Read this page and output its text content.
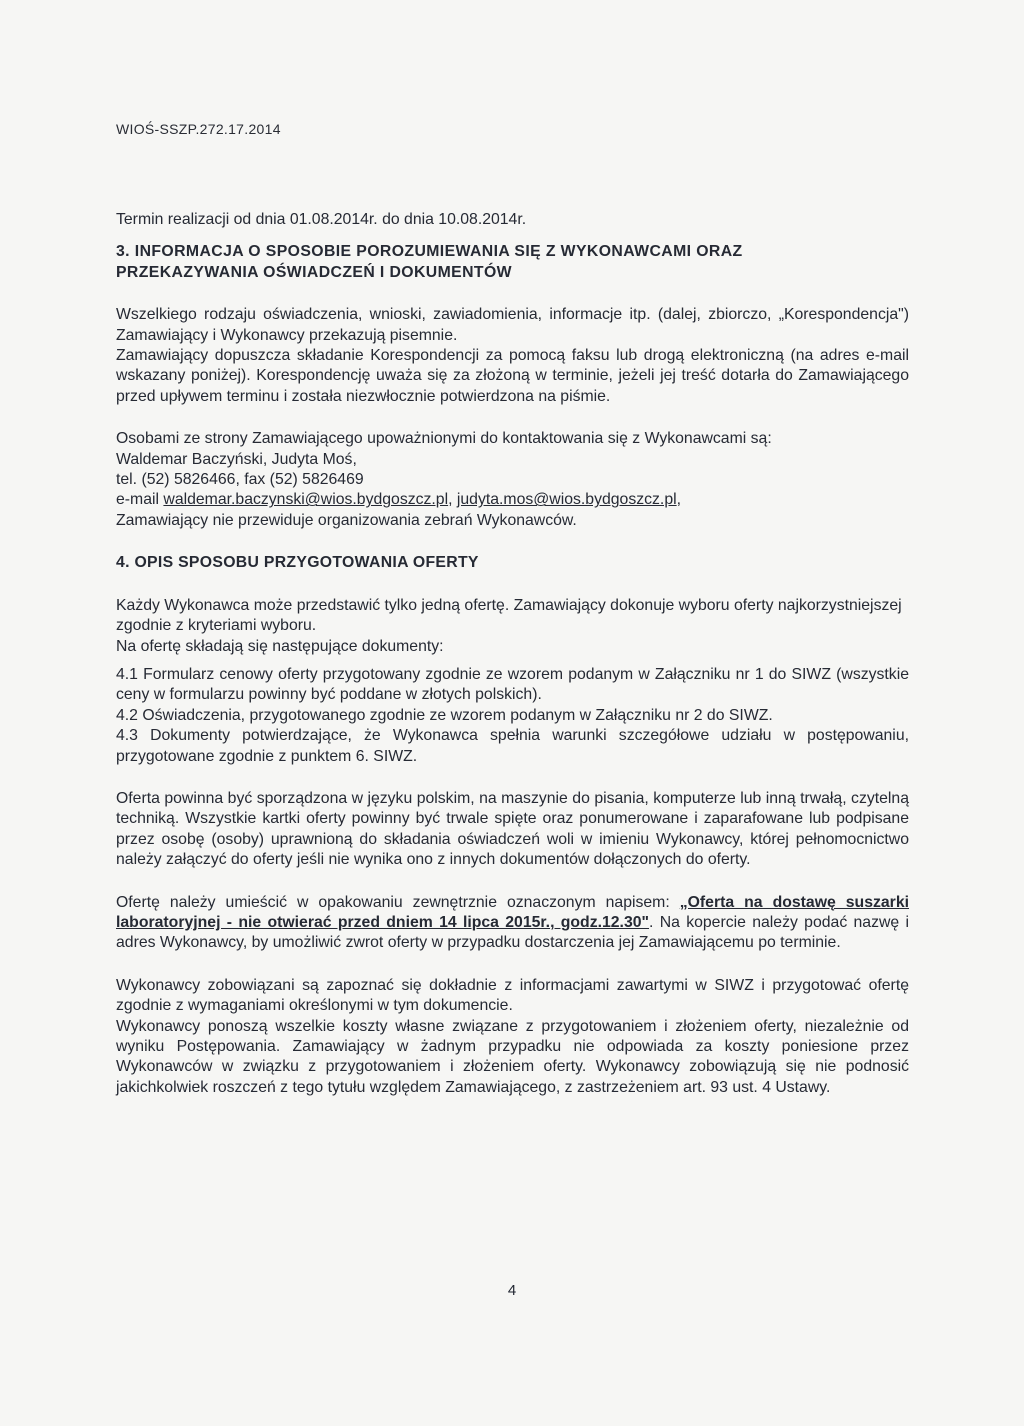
WIOŚ-SSZP.272.17.2014

Termin realizacji od dnia 01.08.2014r. do dnia 10.08.2014r.

3. INFORMACJA O SPOSOBIE POROZUMIEWANIA SIĘ Z WYKONAWCAMI ORAZ
PRZEKAZYWANIA OŚWIADCZEŃ I DOKUMENTÓW

Wszelkiego rodzaju oświadczenia, wnioski, zawiadomienia, informacje itp. (dalej, zbiorczo, „Korespondencja") Zamawiający i Wykonawcy przekazują pisemnie.

Zamawiający dopuszcza składanie Korespondencji za pomocą faksu lub drogą elektroniczną (na adres e-mail wskazany poniżej). Korespondencję uważa się za złożoną w terminie, jeżeli jej treść dotarła do Zamawiającego przed upływem terminu i została niezwłocznie potwierdzona na piśmie.

Osobami ze strony Zamawiającego upoważnionymi do kontaktowania się z Wykonawcami są:

Waldemar Baczyński, Judyta Moś,

tel. (52) 5826466, fax (52) 5826469

e-mail waldemar.baczynski@wios.bydgoszcz.pl, judyta.mos@wios.bydgoszcz.pl,

Zamawiający nie przewiduje organizowania zebrań Wykonawców.

4. OPIS SPOSOBU PRZYGOTOWANIA OFERTY

Każdy Wykonawca może przedstawić tylko jedną ofertę. Zamawiający dokonuje wyboru oferty najkorzystniejszej zgodnie z kryteriami wyboru.

Na ofertę składają się następujące dokumenty:

4.1 Formularz cenowy oferty przygotowany zgodnie ze wzorem podanym w Załączniku nr 1 do SIWZ (wszystkie ceny w formularzu powinny być poddane w złotych polskich).

4.2 Oświadczenia, przygotowanego zgodnie ze wzorem podanym w Załączniku nr 2 do SIWZ.

4.3 Dokumenty potwierdzające, że Wykonawca spełnia warunki szczegółowe udziału w postępowaniu, przygotowane zgodnie z punktem 6. SIWZ.

Oferta powinna być sporządzona w języku polskim, na maszynie do pisania, komputerze lub inną trwałą, czytelną techniką. Wszystkie kartki oferty powinny być trwale spięte oraz ponumerowane i zaparafowane lub podpisane przez osobę (osoby) uprawnioną do składania oświadczeń woli w imieniu Wykonawcy, której pełnomocnictwo należy załączyć do oferty jeśli nie wynika ono z innych dokumentów dołączonych do oferty.

Ofertę należy umieścić w opakowaniu zewnętrznie oznaczonym napisem: „Oferta na dostawę suszarki laboratoryjnej - nie otwierać przed dniem 14 lipca 2015r., godz.12.30". Na kopercie należy podać nazwę i adres Wykonawcy, by umożliwić zwrot oferty w przypadku dostarczenia jej Zamawiającemu po terminie.

Wykonawcy zobowiązani są zapoznać się dokładnie z informacjami zawartymi w SIWZ i przygotować ofertę zgodnie z wymaganiami określonymi w tym dokumencie.

Wykonawcy ponoszą wszelkie koszty własne związane z przygotowaniem i złożeniem oferty, niezależnie od wyniku Postępowania. Zamawiający w żadnym przypadku nie odpowiada za koszty poniesione przez Wykonawców w związku z przygotowaniem i złożeniem oferty. Wykonawcy zobowiązują się nie podnosić jakichkolwiek roszczeń z tego tytułu względem Zamawiającego, z zastrzeżeniem art. 93 ust. 4 Ustawy.

4
